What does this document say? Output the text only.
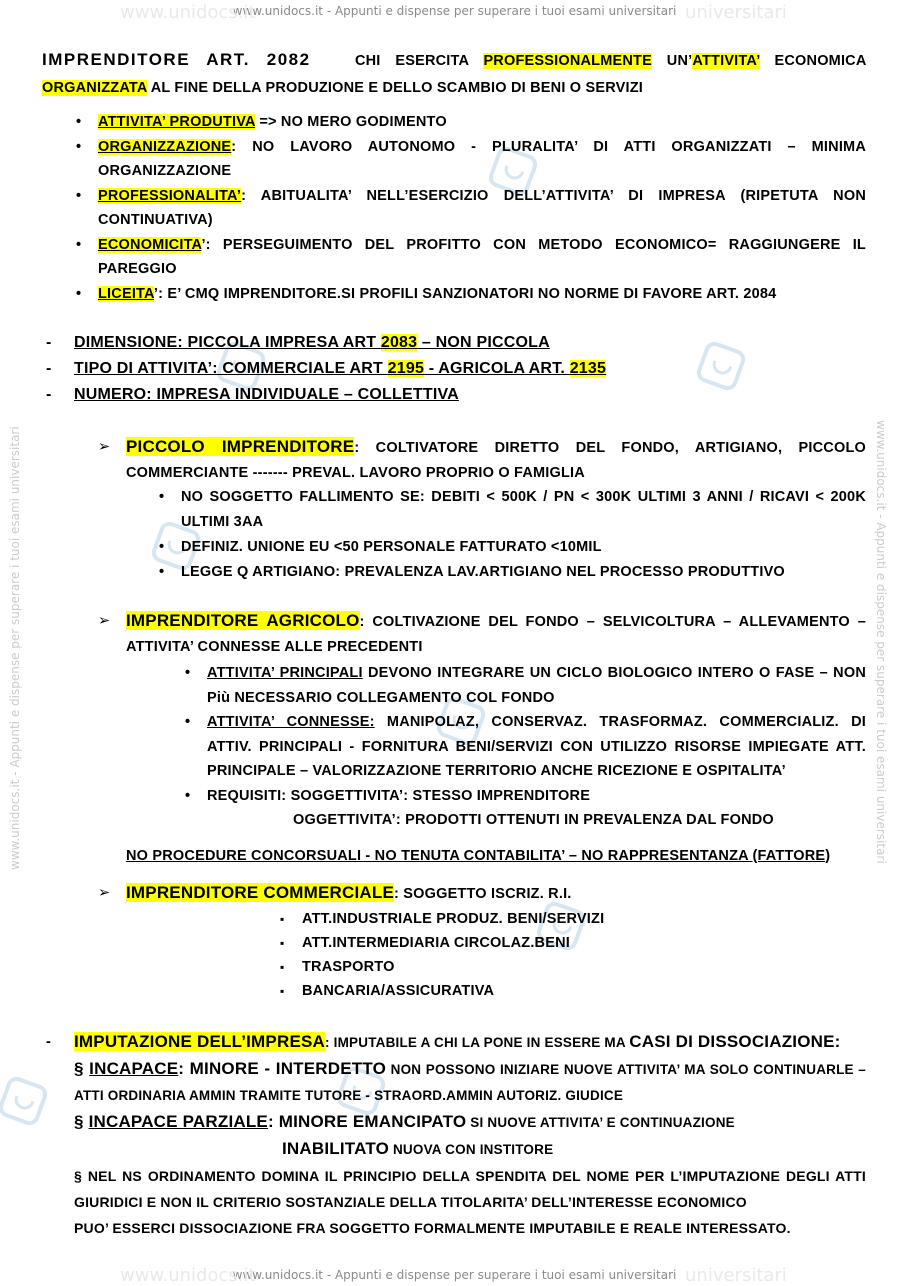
www.unidocs.it - Appunti e dispense per superare i tuoi esami universitari
www.unidocs.it - Appunti e dispense per superare i tuoi esami universitari
www.unidocs.it	universitari
www.unidocs.it	universitari
www.unidocs.it - Appunti e dispense per superare i tuoi esami universitari	www.unidocs.it - Appunti e dispense per superare i tuoi esami universitari

IMPRENDITORE ART. 2082	CHI ESERCITA PROFESSIONALMENTE UN’ATTIVITA’ ECONOMICA ORGANIZZATA AL FINE DELLA PRODUZIONE E DELLO SCAMBIO DI BENI O SERVIZI

• ATTIVITA’ PRODUTIVA => NO MERO GODIMENTO
• ORGANIZZAZIONE: NO LAVORO AUTONOMO - PLURALITA’ DI ATTI ORGANIZZATI – MINIMA ORGANIZZAZIONE
• PROFESSIONALITA’: ABITUALITA’ NELL’ESERCIZIO DELL’ATTIVITA’ DI IMPRESA (RIPETUTA NON CONTINUATIVA)
• ECONOMICITA’: PERSEGUIMENTO DEL PROFITTO CON METODO ECONOMICO= RAGGIUNGERE IL PAREGGIO
• LICEITA’: E’ CMQ IMPRENDITORE.SI PROFILI SANZIONATORI NO NORME DI FAVORE ART. 2084
- DIMENSIONE: PICCOLA IMPRESA ART 2083 – NON PICCOLA
- TIPO DI ATTIVITA’: COMMERCIALE ART 2195 - AGRICOLA ART. 2135
- NUMERO: IMPRESA INDIVIDUALE – COLLETTIVA
➢ PICCOLO IMPRENDITORE: COLTIVATORE DIRETTO DEL FONDO, ARTIGIANO, PICCOLO COMMERCIANTE ------- PREVAL. LAVORO PROPRIO O FAMIGLIA
• NO SOGGETTO FALLIMENTO SE: DEBITI < 500K / PN < 300K ULTIMI 3 ANNI / RICAVI < 200K ULTIMI 3AA
• DEFINIZ. UNIONE EU <50 PERSONALE FATTURATO <10MIL
• LEGGE Q ARTIGIANO: PREVALENZA LAV.ARTIGIANO NEL PROCESSO PRODUTTIVO
➢ IMPRENDITORE AGRICOLO: COLTIVAZIONE DEL FONDO – SELVICOLTURA – ALLEVAMENTO – ATTIVITA’ CONNESSE ALLE PRECEDENTI
• ATTIVITA’ PRINCIPALI DEVONO INTEGRARE UN CICLO BIOLOGICO INTERO O FASE – NON Più NECESSARIO COLLEGAMENTO COL FONDO
• ATTIVITA’ CONNESSE: MANIPOLAZ, CONSERVAZ. TRASFORMAZ. COMMERCIALIZ. DI ATTIV. PRINCIPALI - FORNITURA BENI/SERVIZI CON UTILIZZO RISORSE IMPIEGATE ATT. PRINCIPALE – VALORIZZAZIONE TERRITORIO ANCHE RICEZIONE E OSPITALITA’
• REQUISITI: SOGGETTIVITA’: STESSO IMPRENDITORE
OGGETTIVITA’: PRODOTTI OTTENUTI IN PREVALENZA DAL FONDO

NO PROCEDURE CONCORSUALI - NO TENUTA CONTABILITA’ – NO RAPPRESENTANZA (FATTORE)

➢ IMPRENDITORE COMMERCIALE: SOGGETTO ISCRIZ. R.I.
▪ ATT.INDUSTRIALE PRODUZ. BENI/SERVIZI
▪ ATT.INTERMEDIARIA CIRCOLAZ.BENI
▪ TRASPORTO
▪ BANCARIA/ASSICURATIVA
- IMPUTAZIONE DELL’IMPRESA: IMPUTABILE A CHI LA PONE IN ESSERE MA CASI DI DISSOCIAZIONE:
§ INCAPACE: MINORE - INTERDETTO NON POSSONO INIZIARE NUOVE ATTIVITA’ MA SOLO CONTINUARLE – ATTI ORDINARIA AMMIN TRAMITE TUTORE - STRAORD.AMMIN AUTORIZ. GIUDICE
§ INCAPACE PARZIALE: MINORE EMANCIPATO SI NUOVE ATTIVITA’ E CONTINUAZIONE
INABILITATO NUOVA CON INSTITORE
§ NEL NS ORDINAMENTO DOMINA IL PRINCIPIO DELLA SPENDITA DEL NOME PER L’IMPUTAZIONE DEGLI ATTI GIURIDICI E NON IL CRITERIO SOSTANZIALE DELLA TITOLARITA’ DELL’INTERESSE ECONOMICO
PUO’ ESSERCI DISSOCIAZIONE FRA SOGGETTO FORMALMENTE IMPUTABILE E REALE INTERESSATO.
